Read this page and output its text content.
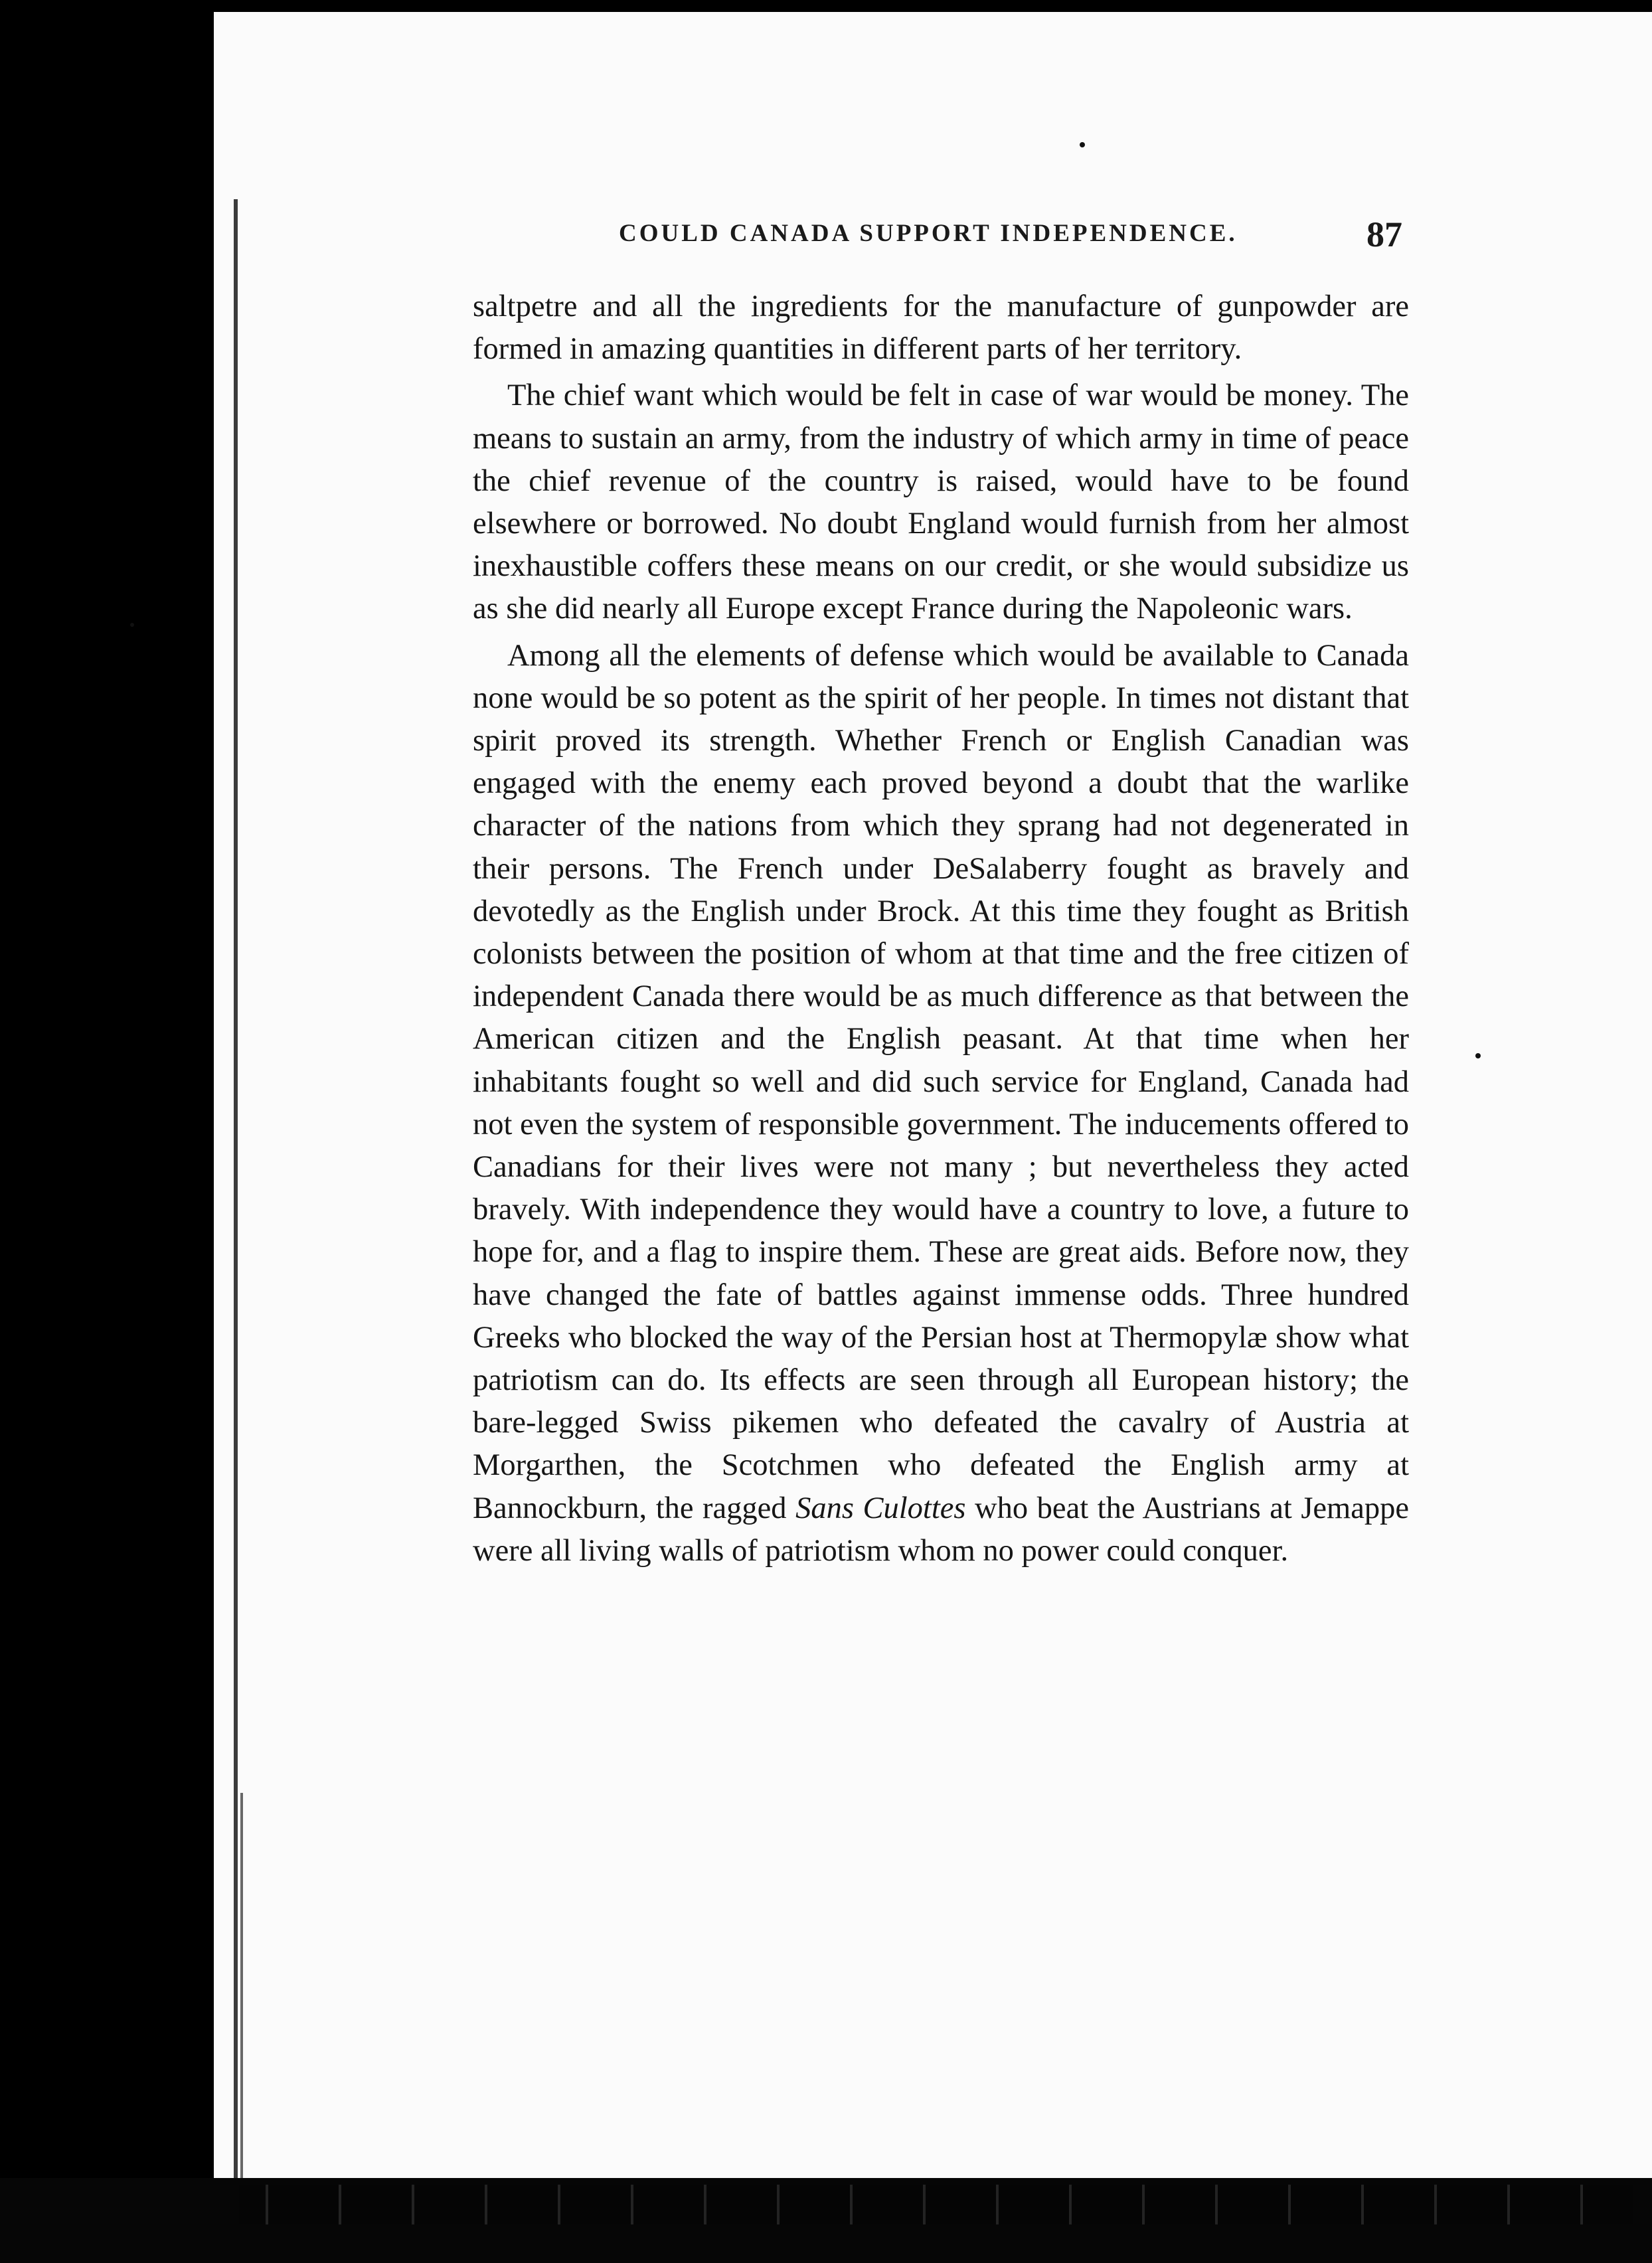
COULD CANADA SUPPORT INDEPENDENCE.	87

saltpetre and all the ingredients for the manufacture of gunpowder are formed in amazing quantities in different parts of her territory.

The chief want which would be felt in case of war would be money. The means to sustain an army, from the industry of which army in time of peace the chief revenue of the country is raised, would have to be found elsewhere or borrowed. No doubt England would furnish from her almost inexhaustible coffers these means on our credit, or she would subsidize us as she did nearly all Europe except France during the Napoleonic wars.

Among all the elements of defense which would be available to Canada none would be so potent as the spirit of her people. In times not distant that spirit proved its strength. Whether French or English Canadian was engaged with the enemy each proved beyond a doubt that the warlike character of the nations from which they sprang had not degenerated in their persons. The French under DeSalaberry fought as bravely and devotedly as the English under Brock. At this time they fought as British colonists between the position of whom at that time and the free citizen of independent Canada there would be as much difference as that between the American citizen and the English peasant. At that time when her inhabitants fought so well and did such service for England, Canada had not even the system of responsible government. The inducements offered to Canadians for their lives were not many ; but nevertheless they acted bravely. With independence they would have a country to love, a future to hope for, and a flag to inspire them. These are great aids. Before now, they have changed the fate of battles against immense odds. Three hundred Greeks who blocked the way of the Persian host at Thermopylæ show what patriotism can do. Its effects are seen through all European history; the bare-legged Swiss pikemen who defeated the cavalry of Austria at Morgarthen, the Scotchmen who defeated the English army at Bannockburn, the ragged Sans Culottes who beat the Austrians at Jemappe were all living walls of patriotism whom no power could conquer.
